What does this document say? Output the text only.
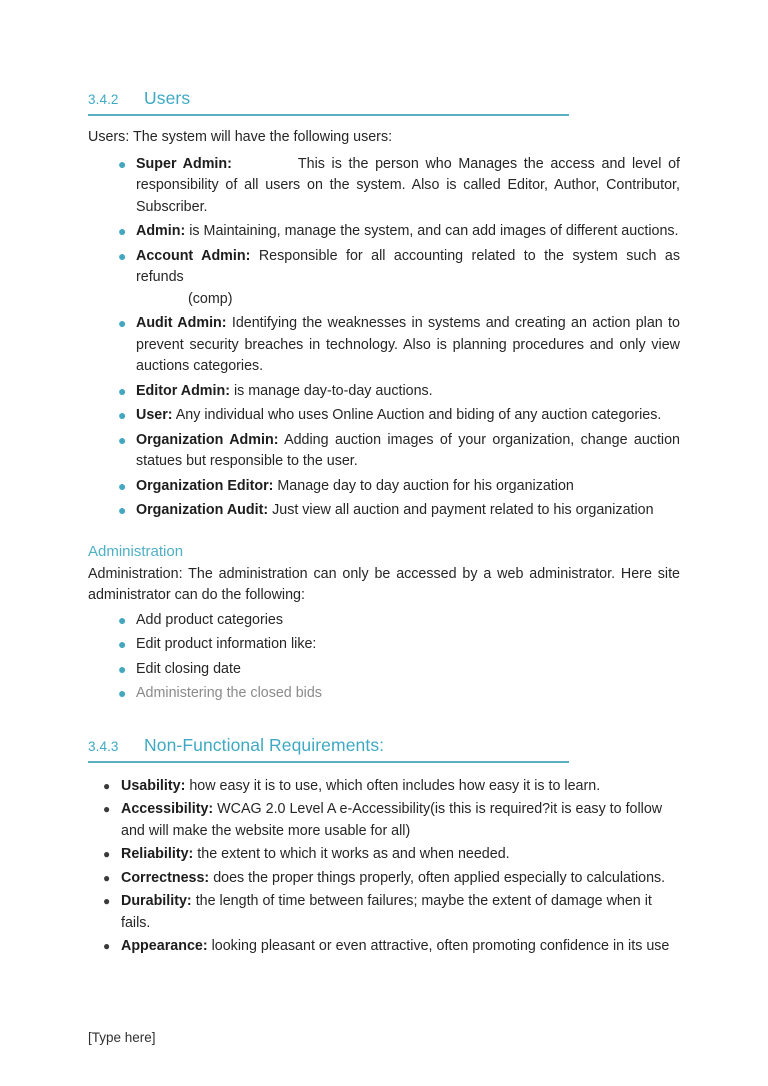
3.4.2	Users

Users: The system will have the following users:

● Super Admin:	This is the person who Manages the access and level of responsibility of all users on the system. Also is called Editor, Author, Contributor, Subscriber.
● Admin: is Maintaining, manage the system, and can add images of different auctions.
● Account Admin: Responsible for all accounting related to the system such as refunds
(comp)
● Audit Admin: Identifying the weaknesses in systems and creating an action plan to prevent security breaches in technology. Also is planning procedures and only view auctions categories.
● Editor Admin: is manage day-to-day auctions.
● User: Any individual who uses Online Auction and biding of any auction categories.
● Organization Admin: Adding auction images of your organization, change auction statues but responsible to the user.
● Organization Editor: Manage day to day auction for his organization
● Organization Audit: Just view all auction and payment related to his organization

Administration

Administration: The administration can only be accessed by a web administrator. Here site administrator can do the following:

● Add product categories
● Edit product information like:
● Edit closing date
● Administering the closed bids
3.4.3	Non-Functional Requirements:
● Usability: how easy it is to use, which often includes how easy it is to learn.
● Accessibility: WCAG 2.0 Level A e-Accessibility(is this is required?it is easy to follow and will make the website more usable for all)
● Reliability: the extent to which it works as and when needed.
● Correctness: does the proper things properly, often applied especially to calculations.
● Durability: the length of time between failures; maybe the extent of damage when it fails.
● Appearance: looking pleasant or even attractive, often promoting confidence in its use
[Type here]
